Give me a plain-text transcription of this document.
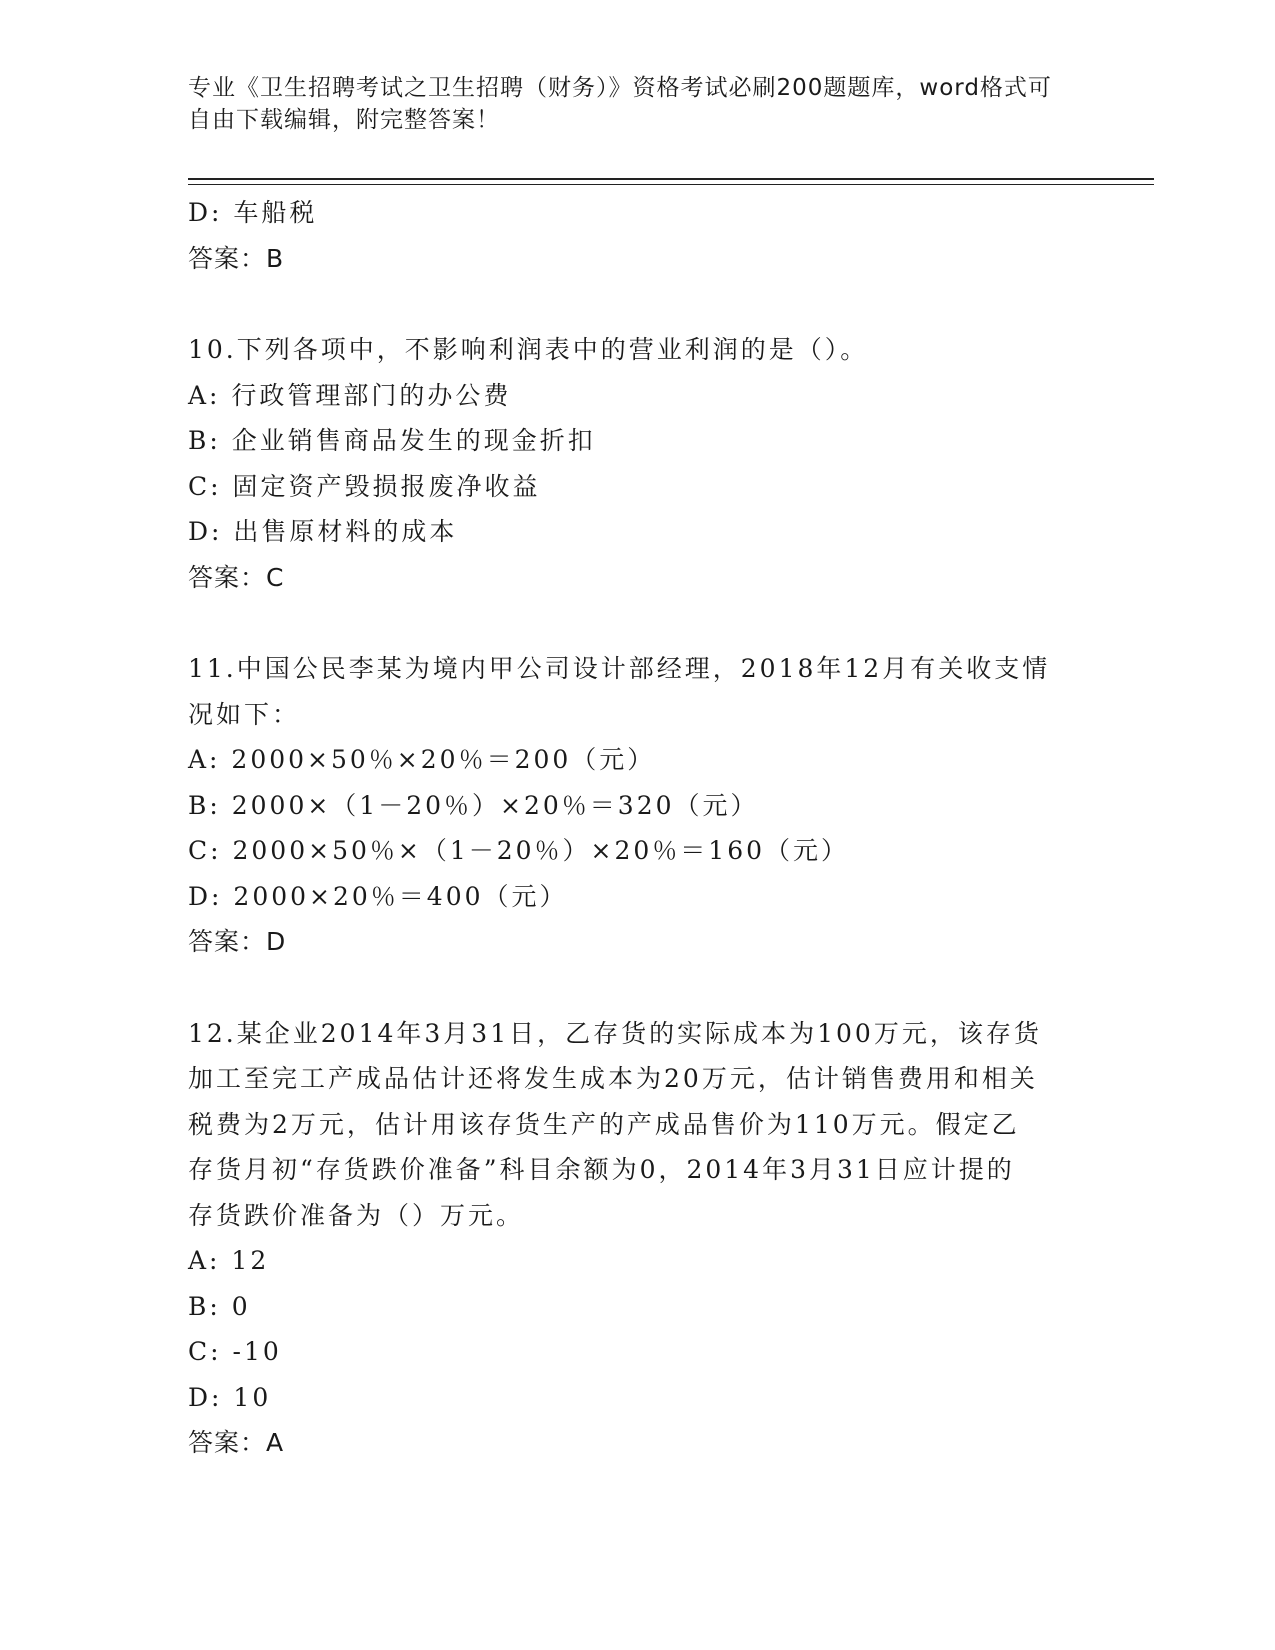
专业《卫生招聘考试之卫生招聘（财务）》资格考试必刷200题题库，word格式可自由下载编辑，附完整答案！
D: 车船税
答案：B
10.下列各项中，不影响利润表中的营业利润的是（）。
A: 行政管理部门的办公费
B: 企业销售商品发生的现金折扣
C: 固定资产毁损报废净收益
D: 出售原材料的成本
答案：C
11.中国公民李某为境内甲公司设计部经理，2018年12月有关收支情
况如下：
A: 2000×50％×20％＝200（元）
B: 2000×（1－20％）×20％＝320（元）
C: 2000×50％×（1－20％）×20％＝160（元）
D: 2000×20％＝400（元）
答案：D
12.某企业2014年3月31日，乙存货的实际成本为100万元，该存货
加工至完工产成品估计还将发生成本为20万元，估计销售费用和相关
税费为2万元，估计用该存货生产的产成品售价为110万元。假定乙
存货月初“存货跌价准备”科目余额为0，2014年3月31日应计提的
存货跌价准备为（）万元。
A: 12
B: 0
C: -10
D: 10
答案：A
